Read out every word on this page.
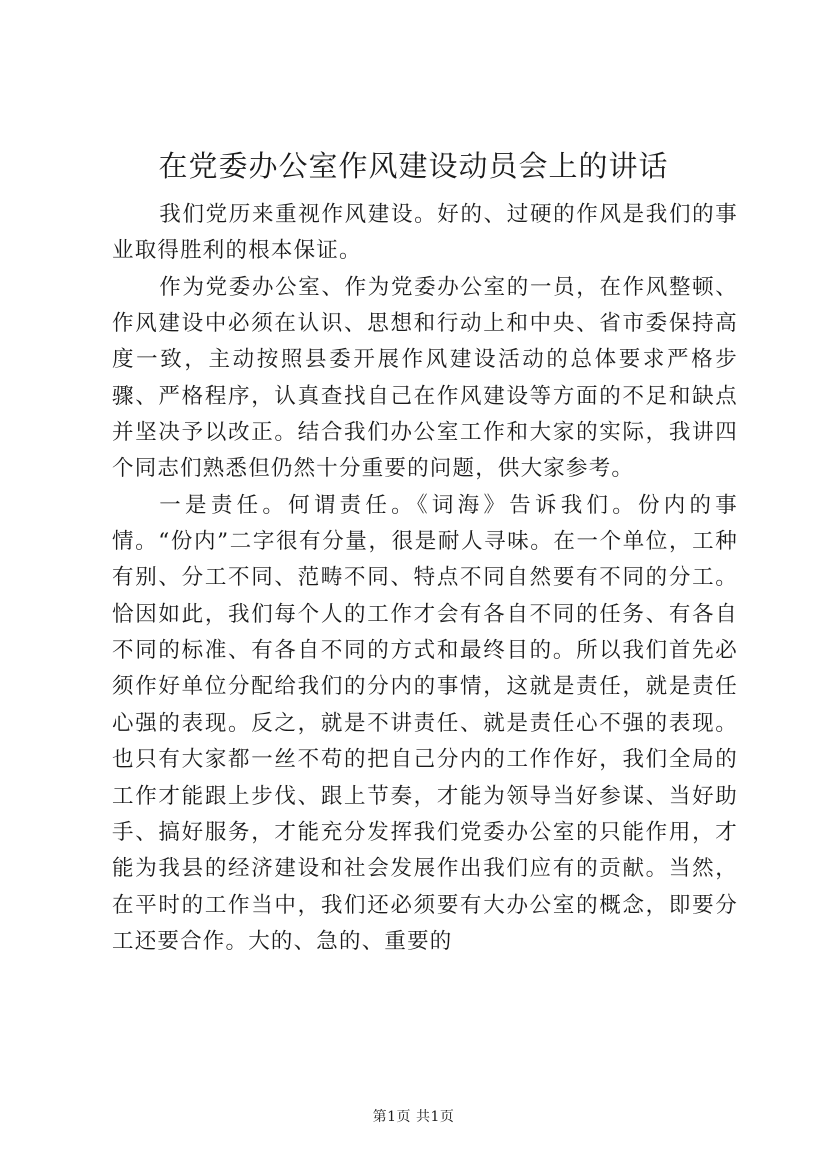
在党委办公室作风建设动员会上的讲话

我们党历来重视作风建设。好的、过硬的作风是我们的事业取得胜利的根本保证。

作为党委办公室、作为党委办公室的一员，在作风整顿、作风建设中必须在认识、思想和行动上和中央、省市委保持高度一致，主动按照县委开展作风建设活动的总体要求严格步骤、严格程序，认真查找自己在作风建设等方面的不足和缺点并坚决予以改正。结合我们办公室工作和大家的实际，我讲四个同志们熟悉但仍然十分重要的问题，供大家参考。

一是责任。何谓责任。《词海》告诉我们。份内的事情。“份内”二字很有分量，很是耐人寻味。在一个单位，工种有别、分工不同、范畴不同、特点不同自然要有不同的分工。恰因如此，我们每个人的工作才会有各自不同的任务、有各自不同的标准、有各自不同的方式和最终目的。所以我们首先必须作好单位分配给我们的分内的事情，这就是责任，就是责任心强的表现。反之，就是不讲责任、就是责任心不强的表现。也只有大家都一丝不苟的把自己分内的工作作好，我们全局的工作才能跟上步伐、跟上节奏，才能为领导当好参谋、当好助手、搞好服务，才能充分发挥我们党委办公室的只能作用，才能为我县的经济建设和社会发展作出我们应有的贡献。当然，在平时的工作当中，我们还必须要有大办公室的概念，即要分工还要合作。大的、急的、重要的

第1页 共1页
